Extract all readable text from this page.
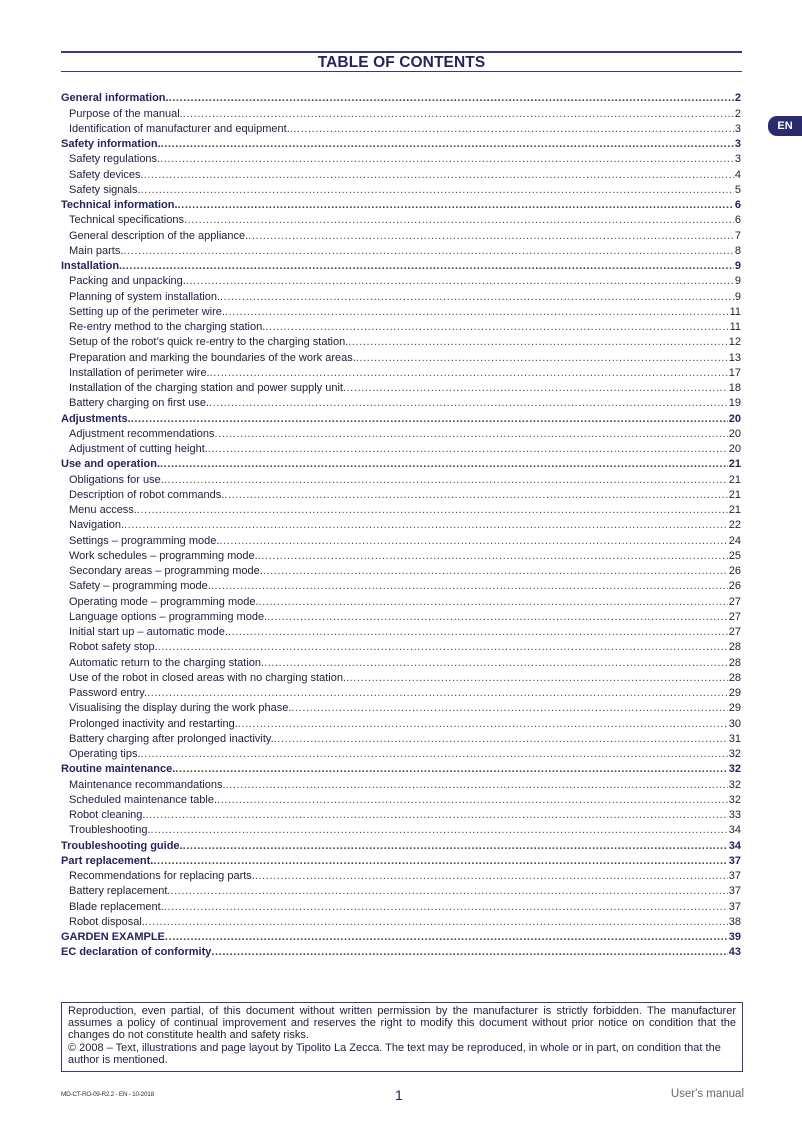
TABLE OF CONTENTS
EN
General information. .....	2
Purpose of the manual. .....	2
Identification of manufacturer and equipment. .....	3
Safety information. .....	3
Safety regulations. .....	3
Safety devices. .....	4
Safety signals. .....	5
Technical information. .....	6
Technical specifications .....	6
General description of the appliance. .....	7
Main parts. .....	8
Installation. .....	9
Packing and unpacking. .....	9
Planning of system installation. .....	9
Setting up of the perimeter wire. .....	11
Re-entry method to the charging station. .....	11
Setup of the robot’s quick re-entry to the charging station. .....	12
Preparation and marking the boundaries of the work areas. .....	13
Installation of perimeter wire. .....	17
Installation of the charging station and power supply unit .....	18
Battery charging on first use. .....	19
Adjustments. .....	20
Adjustment recommendations .....	20
Adjustment of cutting height. .....	20
Use and operation. .....	21
Obligations for use. .....	21
Description of robot commands. .....	21
Menu access. .....	21
Navigation. .....	22
Settings – programming mode. .....	24
Work schedules – programming mode. .....	25
Secondary areas – programming mode. .....	26
Safety – programming mode. .....	26
Operating mode – programming mode. .....	27
Language options – programming mode. .....	27
Initial start up – automatic mode. .....	27
Robot safety stop. .....	28
Automatic return to the charging station. .....	28
Use of the robot in closed areas with no charging station. .....	28
Password entry. .....	29
Visualising the display during the work phase. .....	29
Prolonged inactivity and restarting. .....	30
Battery charging after prolonged inactivity. .....	31
Operating tips. .....	32
Routine maintenance. .....	32
Maintenance recommandations. .....	32
Scheduled maintenance table. .....	32
Robot cleaning. .....	33
Troubleshooting. .....	34
Troubleshooting guide. .....	34
Part replacement. .....	37
Recommendations for replacing parts. .....	37
Battery replacement. .....	37
Blade replacement. .....	37
Robot disposal. .....	38
GARDEN EXAMPLE .....	39
EC declaration of conformity .....	43

Reproduction, even partial, of this document without written permission by the manufacturer is strictly forbidden. The manufacturer assumes a policy of continual improvement and reserves the right to modify this document without prior notice on condition that the changes do not constitute health and safety risks.

© 2008 – Text, illustrations and page layout by Tipolito La Zecca. The text may be reproduced, in whole or in part, on condition that the author is mentioned.

MD-CT-RO-09-R2.2 - EN - 10-2018	1	User's manual
